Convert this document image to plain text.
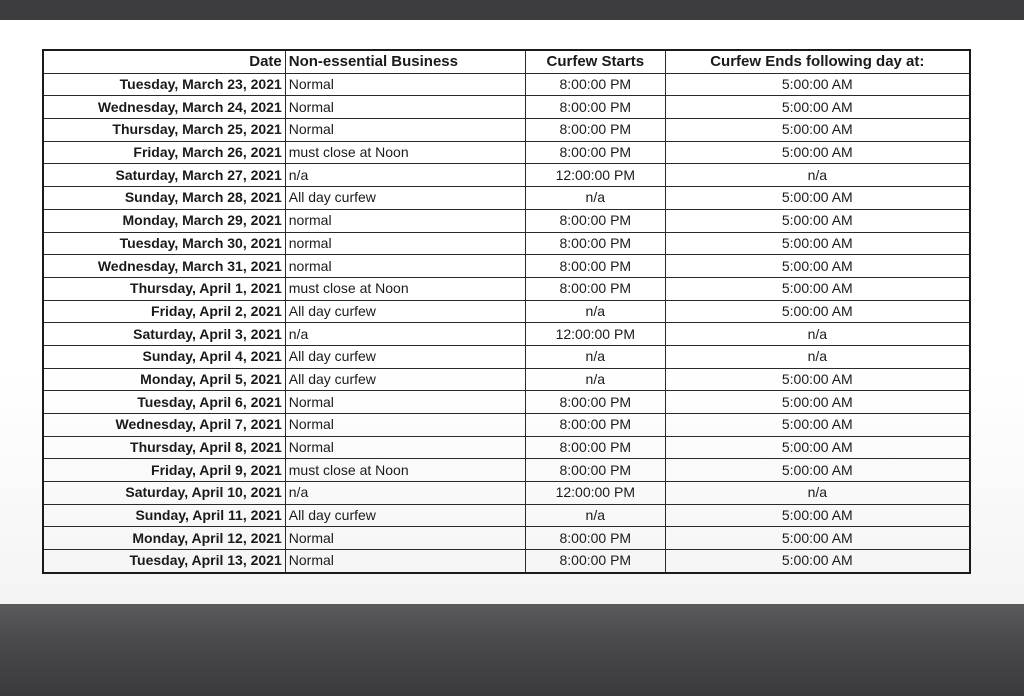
Date	Non-essential Business	Curfew Starts	Curfew Ends following day at:
Tuesday, March 23, 2021	Normal	8:00:00 PM	5:00:00 AM
Wednesday, March 24, 2021	Normal	8:00:00 PM	5:00:00 AM
Thursday, March 25, 2021	Normal	8:00:00 PM	5:00:00 AM
Friday, March 26, 2021	must close at Noon	8:00:00 PM	5:00:00 AM
Saturday, March 27, 2021	n/a	12:00:00 PM	n/a
Sunday, March 28, 2021	All day curfew	n/a	5:00:00 AM
Monday, March 29, 2021	normal	8:00:00 PM	5:00:00 AM
Tuesday, March 30, 2021	normal	8:00:00 PM	5:00:00 AM
Wednesday, March 31, 2021	normal	8:00:00 PM	5:00:00 AM
Thursday, April 1, 2021	must close at Noon	8:00:00 PM	5:00:00 AM
Friday, April 2, 2021	All day curfew	n/a	5:00:00 AM
Saturday, April 3, 2021	n/a	12:00:00 PM	n/a
Sunday, April 4, 2021	All day curfew	n/a	n/a
Monday, April 5, 2021	All day curfew	n/a	5:00:00 AM
Tuesday, April 6, 2021	Normal	8:00:00 PM	5:00:00 AM
Wednesday, April 7, 2021	Normal	8:00:00 PM	5:00:00 AM
Thursday, April 8, 2021	Normal	8:00:00 PM	5:00:00 AM
Friday, April 9, 2021	must close at Noon	8:00:00 PM	5:00:00 AM
Saturday, April 10, 2021	n/a	12:00:00 PM	n/a
Sunday, April 11, 2021	All day curfew	n/a	5:00:00 AM
Monday, April 12, 2021	Normal	8:00:00 PM	5:00:00 AM
Tuesday, April 13, 2021	Normal	8:00:00 PM	5:00:00 AM
